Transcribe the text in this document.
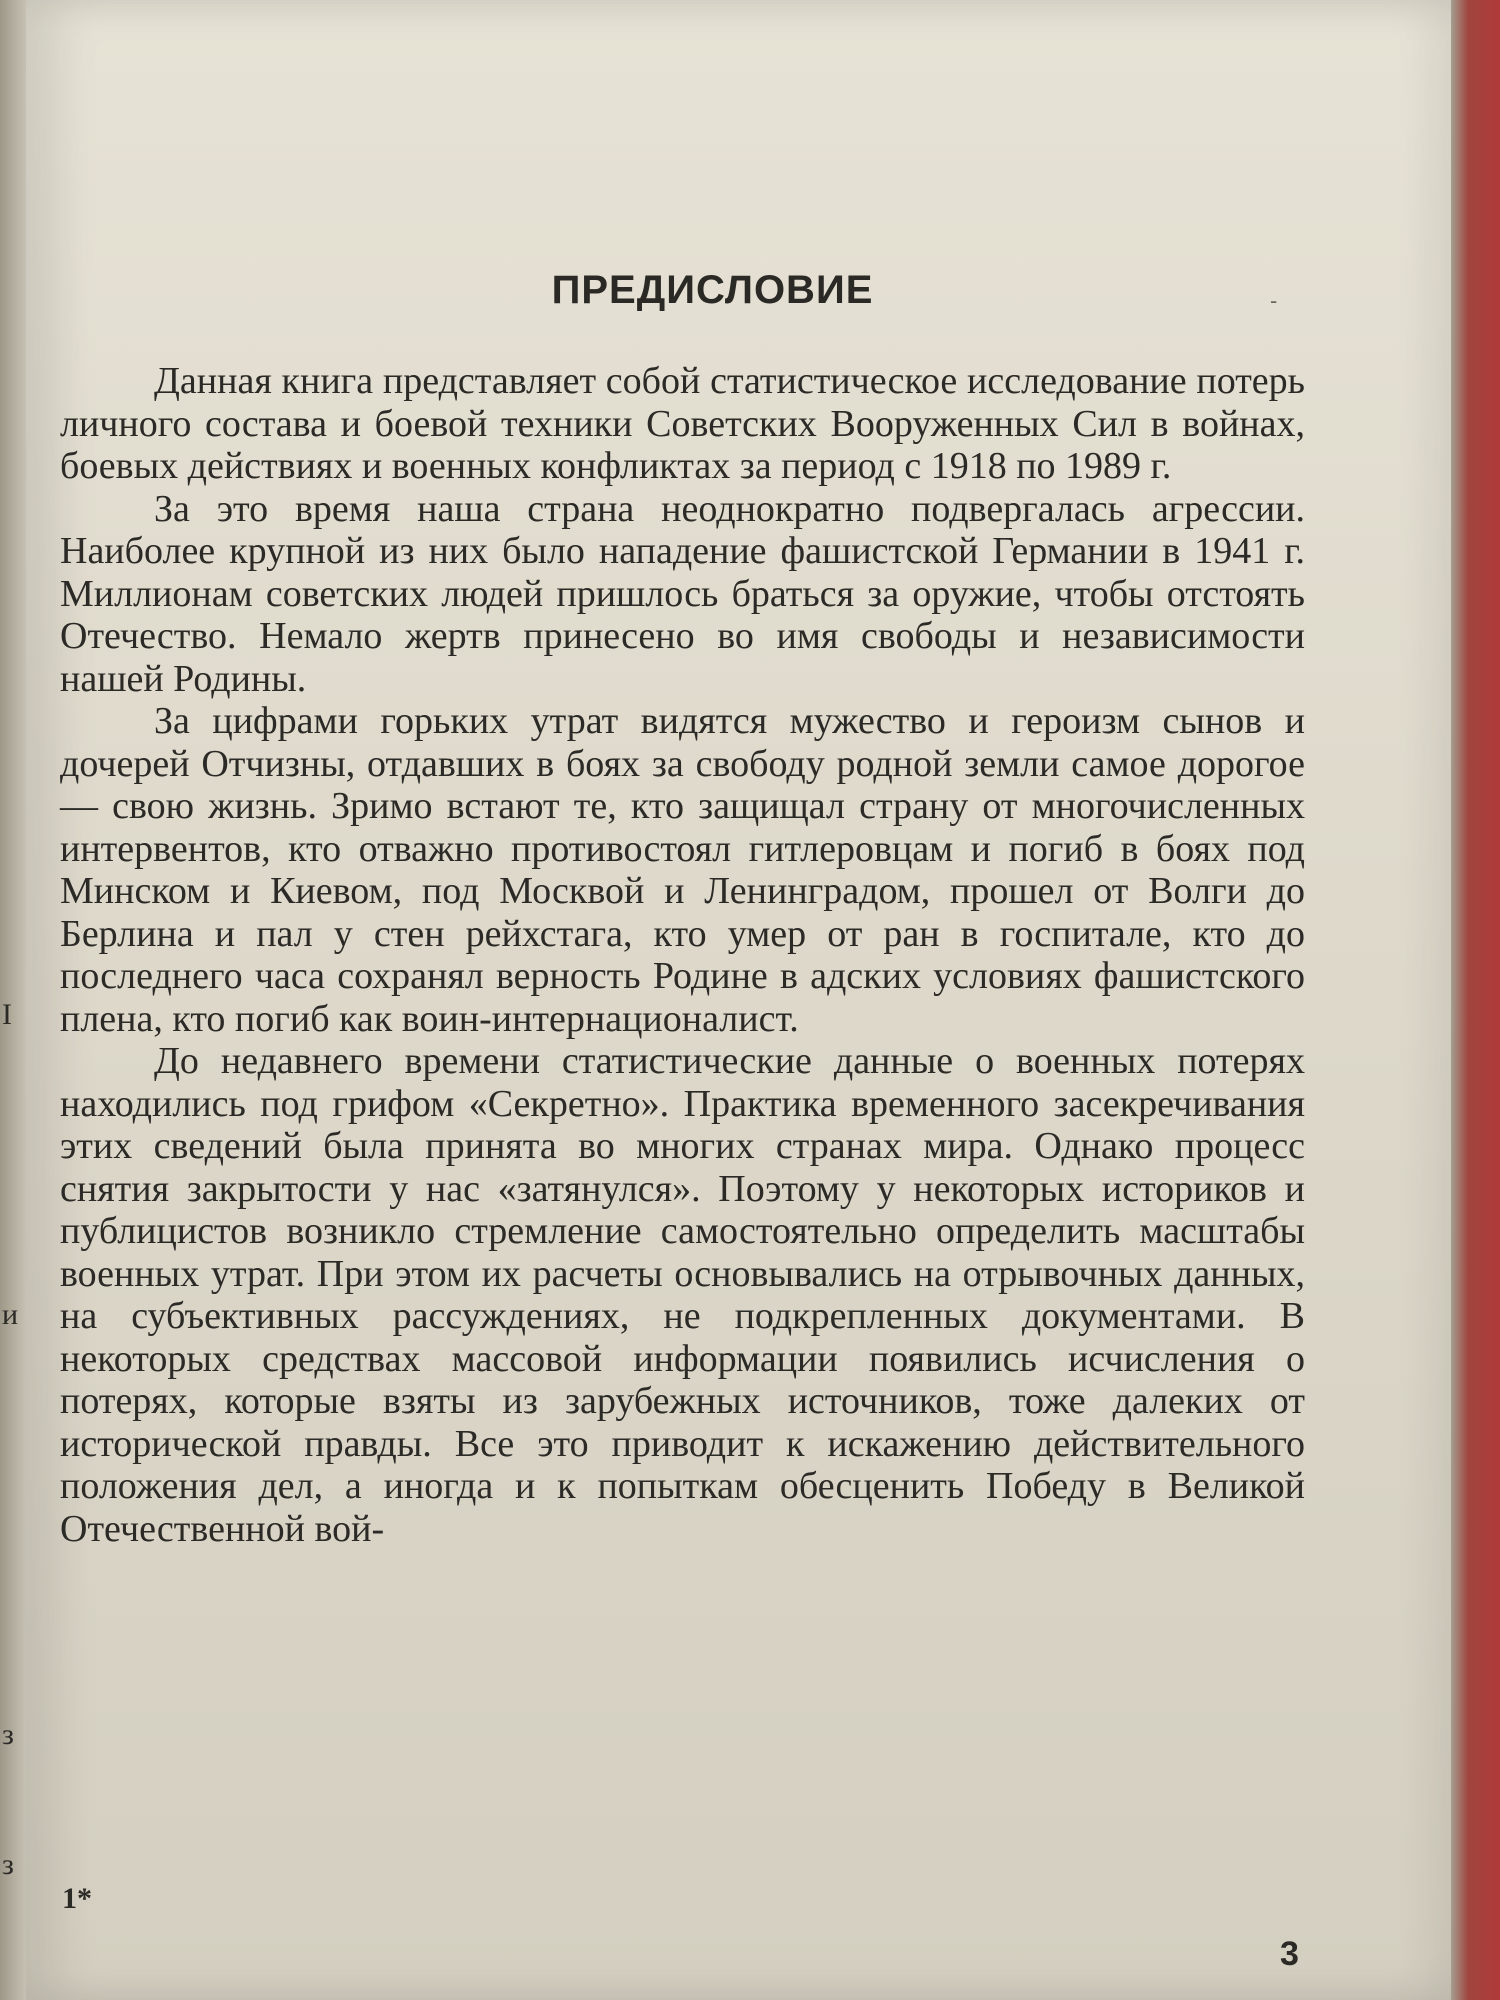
I
и
з
з
ПРЕДИСЛОВИЕ	-

Данная книга представляет собой статистическое исследование потерь личного состава и боевой техники Советских Вооруженных Сил в войнах, боевых действиях и военных конфликтах за период с 1918 по 1989 г.

За это время наша страна неоднократно подвергалась агрессии. Наиболее крупной из них было нападение фашистской Германии в 1941 г. Миллионам советских людей пришлось браться за оружие, чтобы отстоять Отечество. Немало жертв принесено во имя свободы и независимости нашей Родины.

За цифрами горьких утрат видятся мужество и героизм сынов и дочерей Отчизны, отдавших в боях за свободу родной земли самое дорогое — свою жизнь. Зримо встают те, кто защищал страну от многочисленных интервентов, кто отважно противостоял гитлеровцам и погиб в боях под Минском и Киевом, под Москвой и Ленинградом, прошел от Волги до Берлина и пал у стен рейхстага, кто умер от ран в госпитале, кто до последнего часа сохранял верность Родине в адских условиях фашистского плена, кто погиб как воин-интернационалист.

До недавнего времени статистические данные о военных потерях находились под грифом «Секретно». Практика временного засекречивания этих сведений была принята во многих странах мира. Однако процесс снятия закрытости у нас «затянулся». Поэтому у некоторых историков и публицистов возникло стремление самостоятельно определить масштабы военных утрат. При этом их расчеты основывались на отрывочных данных, на субъективных рассуждениях, не подкрепленных документами. В некоторых средствах массовой информации появились исчисления о потерях, которые взяты из зарубежных источников, тоже далеких от исторической правды. Все это приводит к искажению действительного положения дел, а иногда и к попыткам обесценить Победу в Великой Отечественной вой-

1*
3
